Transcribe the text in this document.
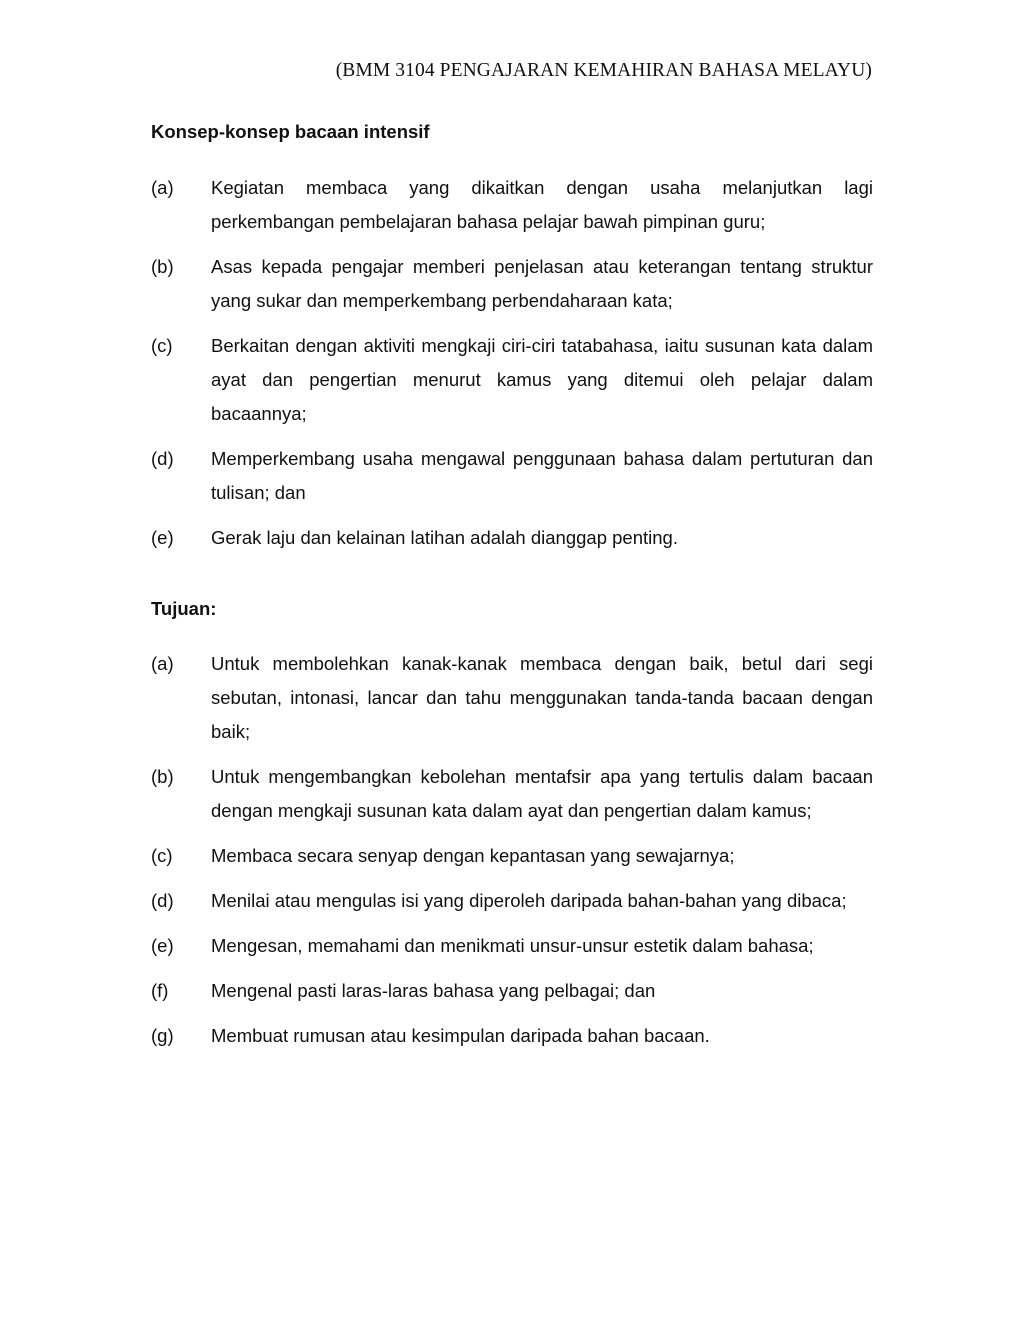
(BMM 3104 PENGAJARAN KEMAHIRAN BAHASA MELAYU)
Konsep-konsep bacaan intensif
(a) Kegiatan membaca yang dikaitkan dengan usaha melanjutkan lagi perkembangan pembelajaran bahasa pelajar bawah pimpinan guru;
(b) Asas kepada pengajar memberi penjelasan atau keterangan tentang struktur yang sukar dan memperkembang perbendaharaan kata;
(c) Berkaitan dengan aktiviti mengkaji ciri-ciri tatabahasa, iaitu susunan kata dalam ayat dan pengertian menurut kamus yang ditemui oleh pelajar dalam bacaannya;
(d) Memperkembang usaha mengawal penggunaan bahasa dalam pertuturan dan tulisan; dan
(e) Gerak laju dan kelainan latihan adalah dianggap penting.
Tujuan:
(a) Untuk membolehkan kanak-kanak membaca dengan baik, betul dari segi sebutan, intonasi, lancar dan tahu menggunakan tanda-tanda bacaan dengan baik;
(b) Untuk mengembangkan kebolehan mentafsir apa yang tertulis dalam bacaan dengan mengkaji susunan kata dalam ayat dan pengertian dalam kamus;
(c) Membaca secara senyap dengan kepantasan yang sewajarnya;
(d) Menilai atau mengulas isi yang diperoleh daripada bahan-bahan yang dibaca;
(e) Mengesan, memahami dan menikmati unsur-unsur estetik dalam bahasa;
(f) Mengenal pasti laras-laras bahasa yang pelbagai; dan
(g) Membuat rumusan atau kesimpulan daripada bahan bacaan.
